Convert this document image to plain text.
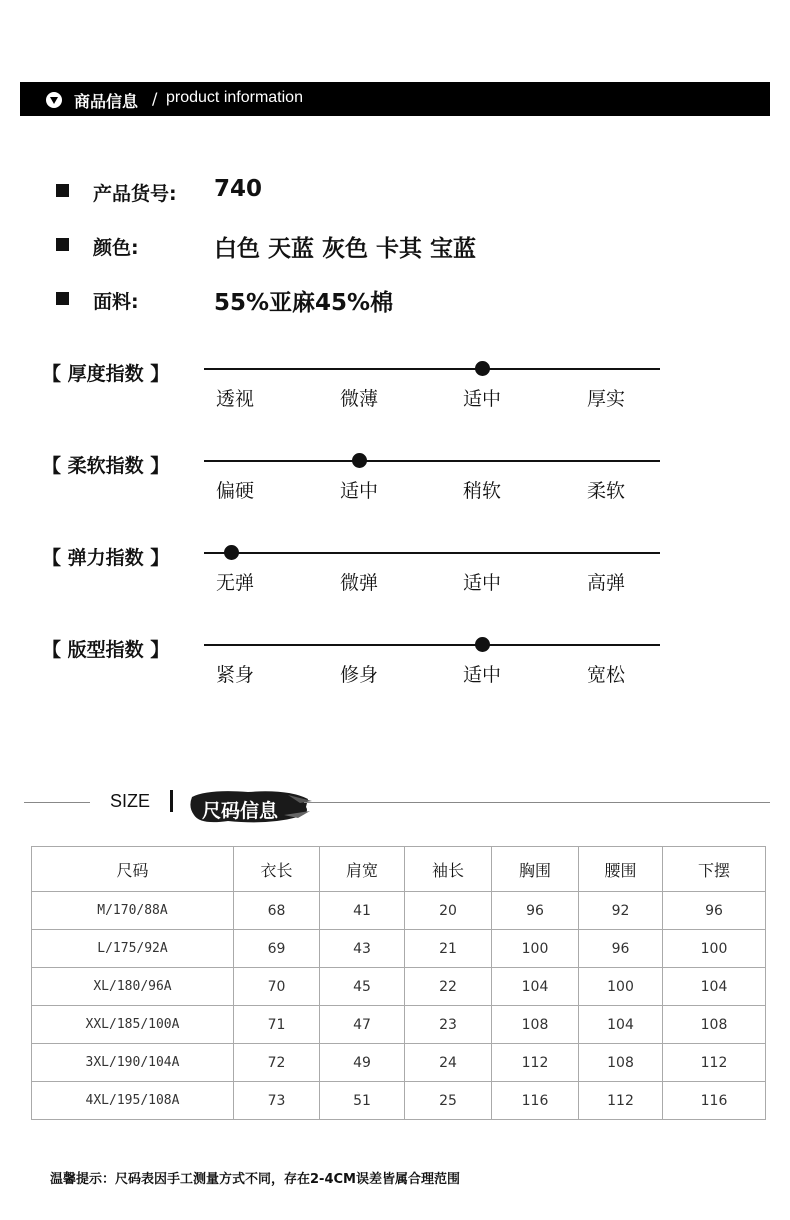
商品信息 / product information
产品货号: 740
颜色:	白色 天蓝 灰色 卡其 宝蓝
面料:	55%亚麻45%棉
【 厚度指数 】
透视	微薄	适中	厚实
【 柔软指数 】
偏硬	适中	稍软	柔软
【 弹力指数 】
无弹	微弹	适中	高弹
【 版型指数 】
紧身	修身	适中	宽松
SIZE	尺码信息
尺码	衣长	肩宽	袖长	胸围	腰围	下摆
M/170/88A	68	41	20	96	92	96
L/175/92A	69	43	21	100	96	100
XL/180/96A	70	45	22	104	100	104
XXL/185/100A	71	47	23	108	104	108
3XL/190/104A	72	49	24	112	108	112
4XL/195/108A	73	51	25	116	112	116
温馨提示：尺码表因手工测量方式不同，存在2-4CM误差皆属合理范围
